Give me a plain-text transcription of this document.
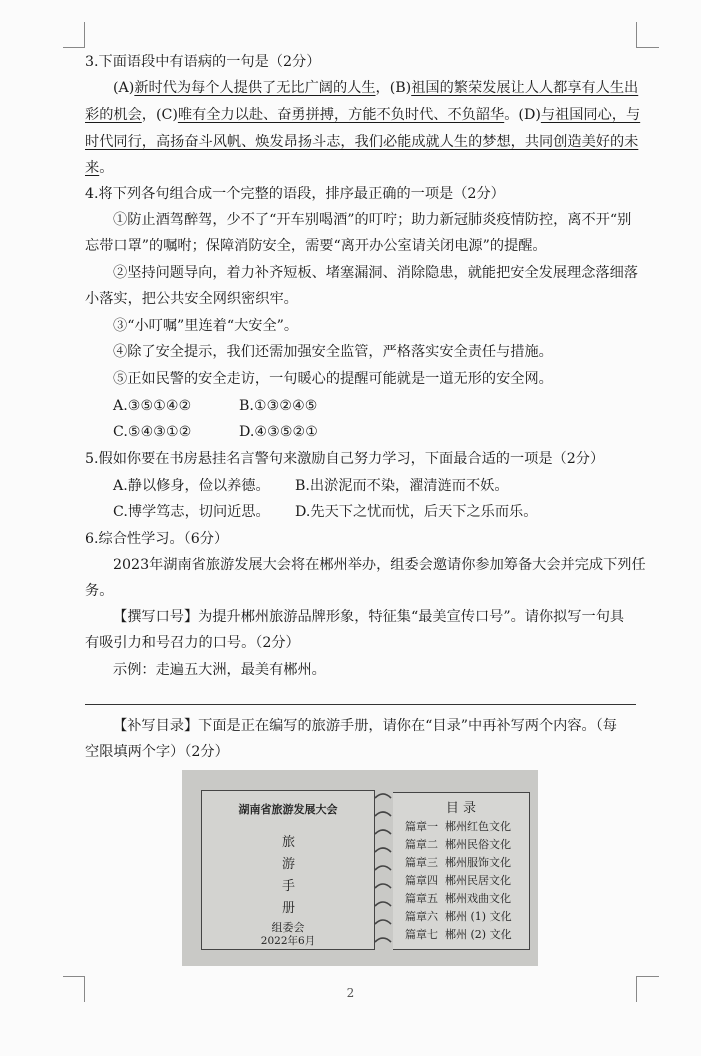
3.下面语段中有语病的一句是（2分）
(A)新时代为每个人提供了无比广阔的人生，(B)祖国的繁荣发展让人人都享有人生出
彩的机会，(C)唯有全力以赴、奋勇拼搏，方能不负时代、不负韶华。(D)与祖国同心，与
时代同行，高扬奋斗风帆、焕发昂扬斗志，我们必能成就人生的梦想，共同创造美好的未
来。
4.将下列各句组合成一个完整的语段，排序最正确的一项是（2分）
①防止酒驾醉驾，少不了“开车别喝酒”的叮咛；助力新冠肺炎疫情防控，离不开“别
忘带口罩”的嘱咐；保障消防安全，需要“离开办公室请关闭电源”的提醒。
②坚持问题导向，着力补齐短板、堵塞漏洞、消除隐患，就能把安全发展理念落细落
小落实，把公共安全网织密织牢。
③“小叮嘱”里连着“大安全”。
④除了安全提示，我们还需加强安全监管，严格落实安全责任与措施。
⑤正如民警的安全走访，一句暖心的提醒可能就是一道无形的安全网。
A.③⑤①④②	B.①③②④⑤
C.⑤④③①②	D.④③⑤②①
5.假如你要在书房悬挂名言警句来激励自己努力学习，下面最合适的一项是（2分）
A.静以修身，俭以养德。 B.出淤泥而不染，濯清涟而不妖。
C.博学笃志，切问近思。 D.先天下之忧而忧，后天下之乐而乐。
6.综合性学习。（6分）
2023年湖南省旅游发展大会将在郴州举办，组委会邀请你参加筹备大会并完成下列任
务。
【撰写口号】为提升郴州旅游品牌形象，特征集“最美宣传口号”。请你拟写一句具
有吸引力和号召力的口号。（2分）
示例：走遍五大洲，最美有郴州。
【补写目录】下面是正在编写的旅游手册，请你在“目录”中再补写两个内容。（每
空限填两个字）（2分）
湖南省旅游发展大会
旅
游
手
册
组委会
2022年6月
目 录
篇章一 郴州红色文化
篇章二 郴州民俗文化
篇章三 郴州服饰文化
篇章四 郴州民居文化
篇章五 郴州戏曲文化
篇章六 郴州 (1) 文化
篇章七 郴州 (2) 文化
2
